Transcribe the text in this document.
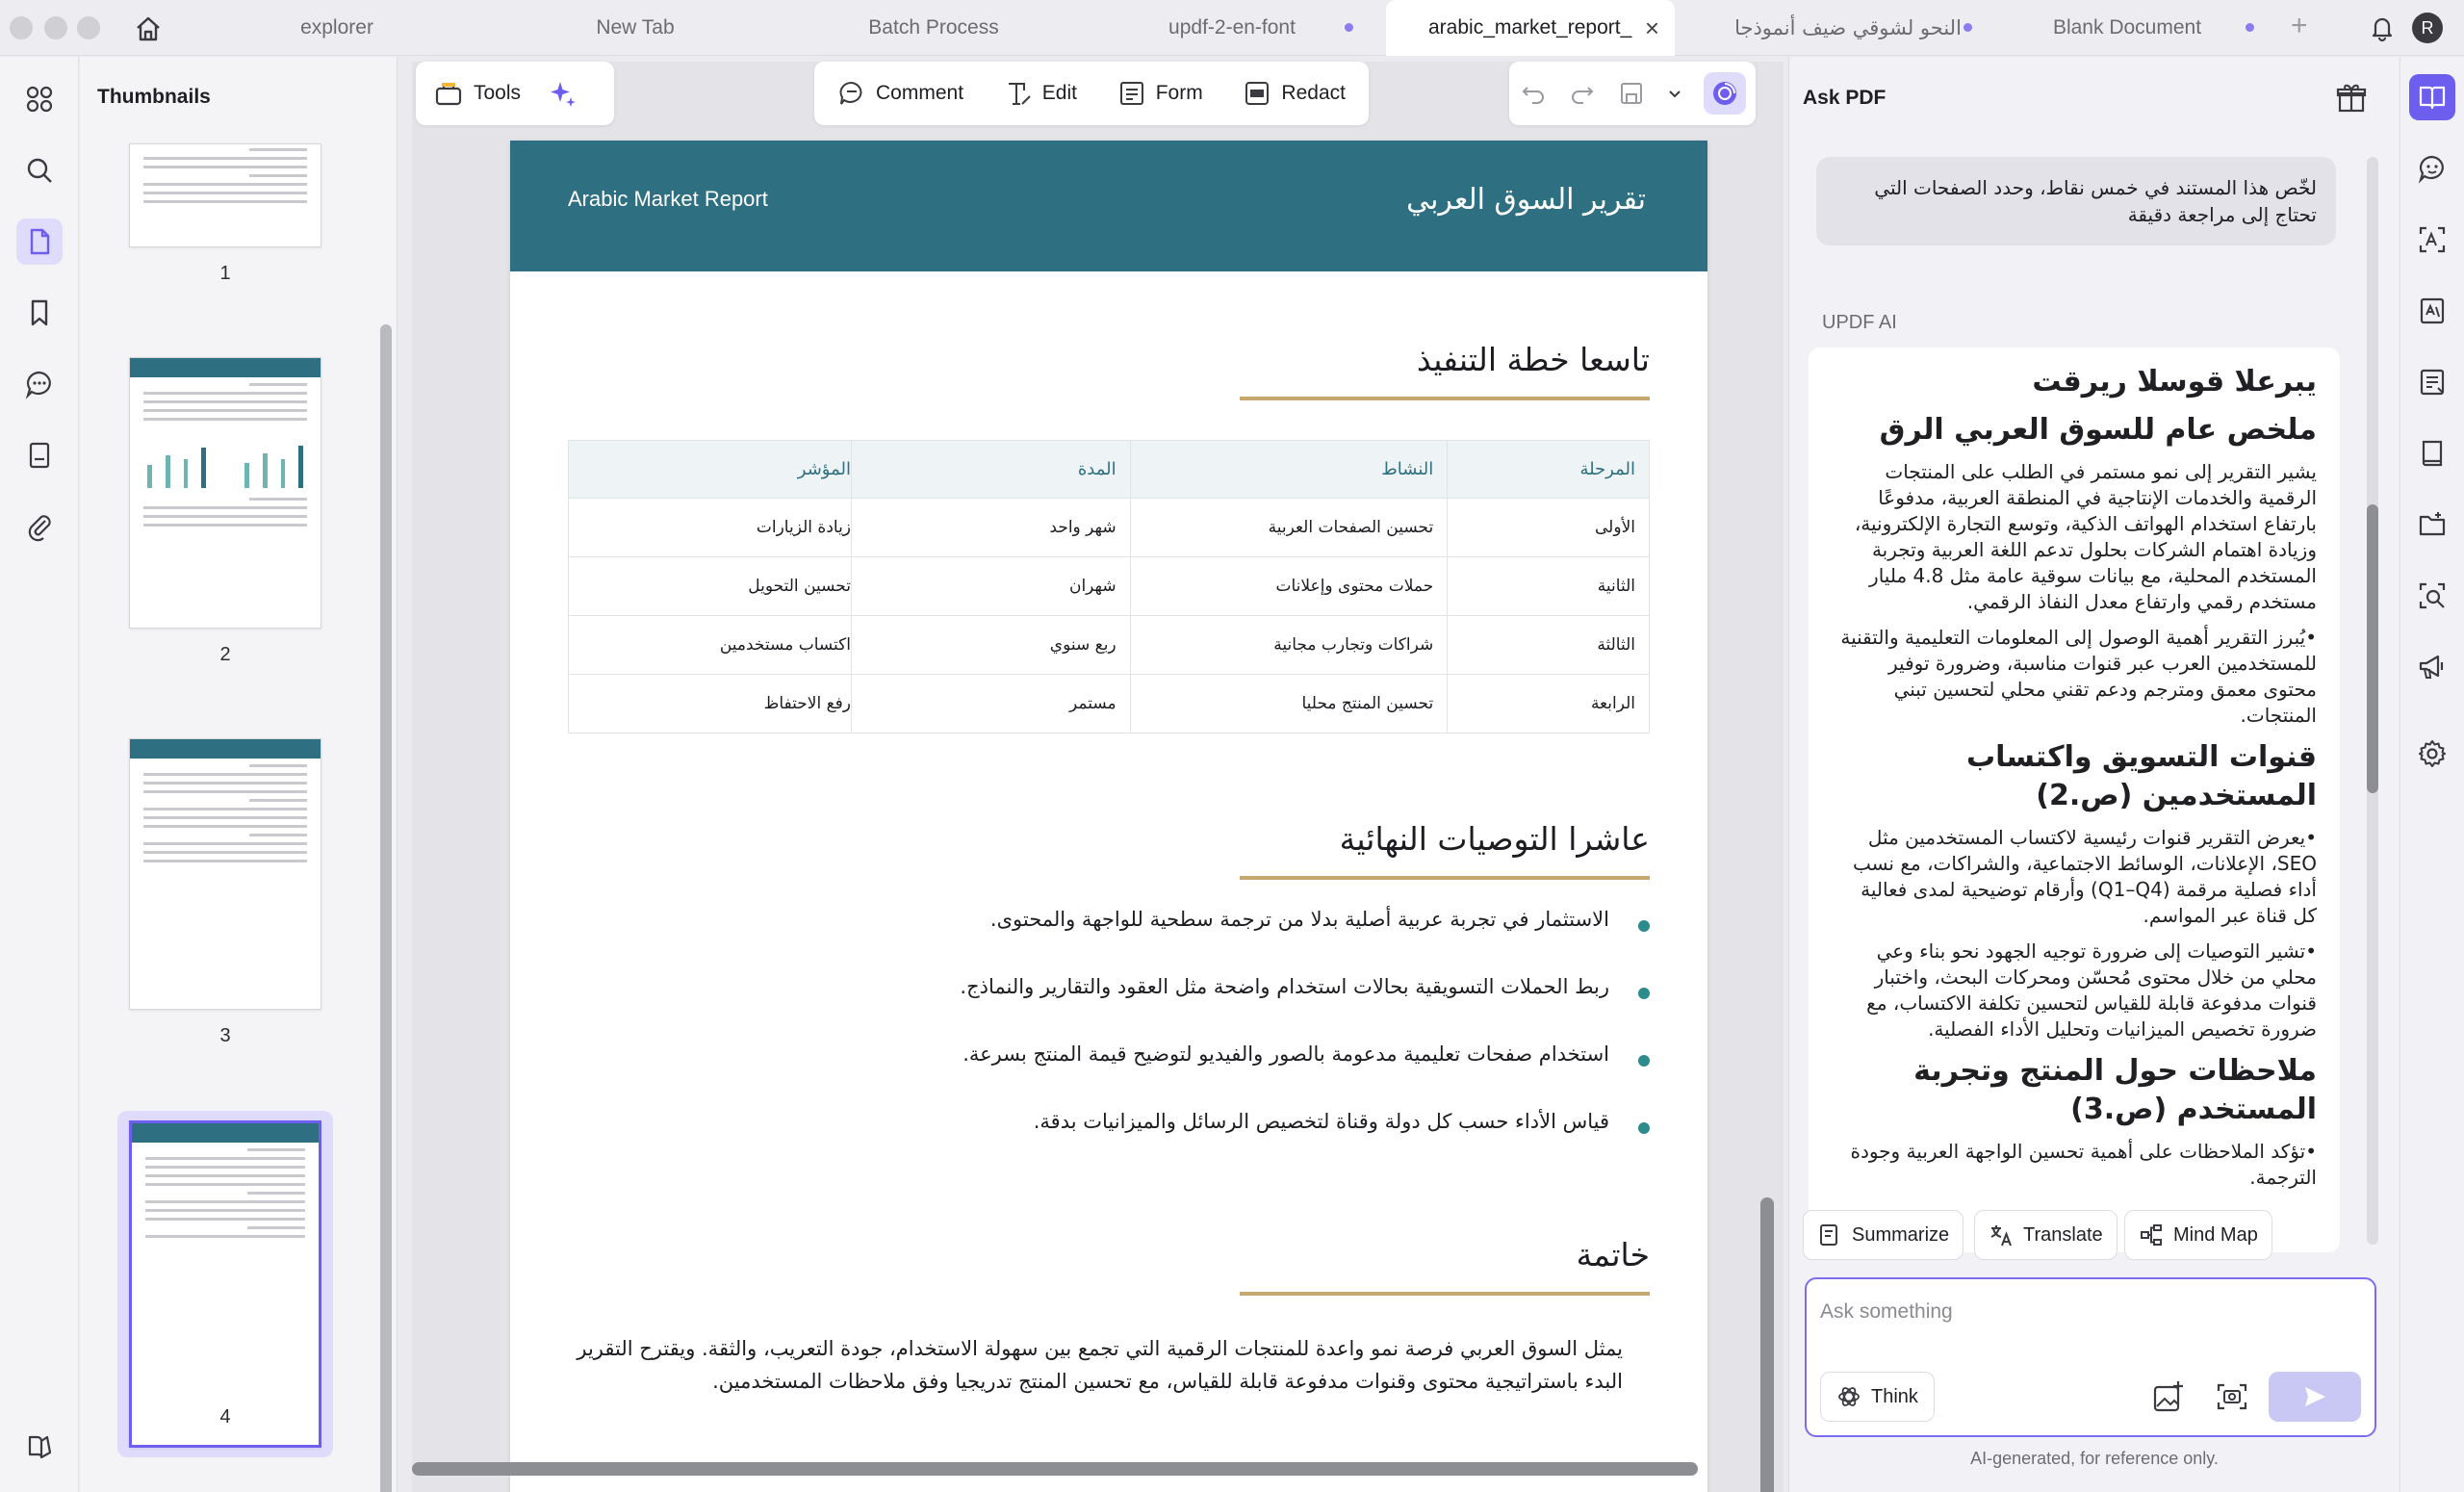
explorer	New Tab	Batch Process	updf-2-en-font	arabic_market_report_ ×	النحو لشوقي ضيف أنموذجا	Blank Document	+	R
Thumbnails
1
2
3
4
Tools	Comment	Edit	Form	Redact
Arabic Market Report	تقرير السوق العربي
تاسعا خطة التنفيذ
المرحلة	النشاط	المدة	المؤشر
الأولى	تحسين الصفحات العربية	شهر واحد	زيادة الزيارات
الثانية	حملات محتوى وإعلانات	شهران	تحسين التحويل
الثالثة	شراكات وتجارب مجانية	ربع سنوي	اكتساب مستخدمين
الرابعة	تحسين المنتج محليا	مستمر	رفع الاحتفاظ
عاشرا التوصيات النهائية
الاستثمار في تجربة عربية أصلية بدلا من ترجمة سطحية للواجهة والمحتوى.
ربط الحملات التسويقية بحالات استخدام واضحة مثل العقود والتقارير والنماذج.
استخدام صفحات تعليمية مدعومة بالصور والفيديو لتوضيح قيمة المنتج بسرعة.
قياس الأداء حسب كل دولة وقناة لتخصيص الرسائل والميزانيات بدقة.
خاتمة
يمثل السوق العربي فرصة نمو واعدة للمنتجات الرقمية التي تجمع بين سهولة الاستخدام، جودة التعريب، والثقة. ويقترح التقرير البدء باستراتيجية محتوى وقنوات مدفوعة قابلة للقياس، مع تحسين المنتج تدريجيا وفق ملاحظات المستخدمين.
Ask PDF
لخّص هذا المستند في خمس نقاط، وحدد الصفحات التي تحتاج إلى مراجعة دقيقة
UPDF AI
يبرعلا قوسلا ريرقت
ملخص عام للسوق العربي الرق

يشير التقرير إلى نمو مستمر في الطلب على المنتجات الرقمية والخدمات الإنتاجية في المنطقة العربية، مدفوعًا بارتفاع استخدام الهواتف الذكية، وتوسع التجارة الإلكترونية، وزيادة اهتمام الشركات بحلول تدعم اللغة العربية وتجربة المستخدم المحلية، مع بيانات سوقية عامة مثل 4.8 مليار مستخدم رقمي وارتفاع معدل النفاذ الرقمي.

•يُبرز التقرير أهمية الوصول إلى المعلومات التعليمية والتقنية للمستخدمين العرب عبر قنوات مناسبة، وضرورة توفير محتوى معمق ومترجم ودعم تقني محلي لتحسين تبني المنتجات.

قنوات التسويق واكتساب المستخدمين (ص.2)

•يعرض التقرير قنوات رئيسية لاكتساب المستخدمين مثل SEO، الإعلانات، الوسائط الاجتماعية، والشراكات، مع نسب أداء فصلية مرقمة (Q1–Q4) وأرقام توضيحية لمدى فعالية كل قناة عبر المواسم.

•تشير التوصيات إلى ضرورة توجيه الجهود نحو بناء وعي محلي من خلال محتوى مُحسّن ومحركات البحث، واختبار قنوات مدفوعة قابلة للقياس لتحسين تكلفة الاكتساب، مع ضرورة تخصيص الميزانيات وتحليل الأداء الفصلية.

ملاحظات حول المنتج وتجربة المستخدم (ص.3)

•تؤكد الملاحظات على أهمية تحسين الواجهة العربية وجودة الترجمة.

Summarize	Translate	Mind Map
Ask something
Think
AI-generated, for reference only.
